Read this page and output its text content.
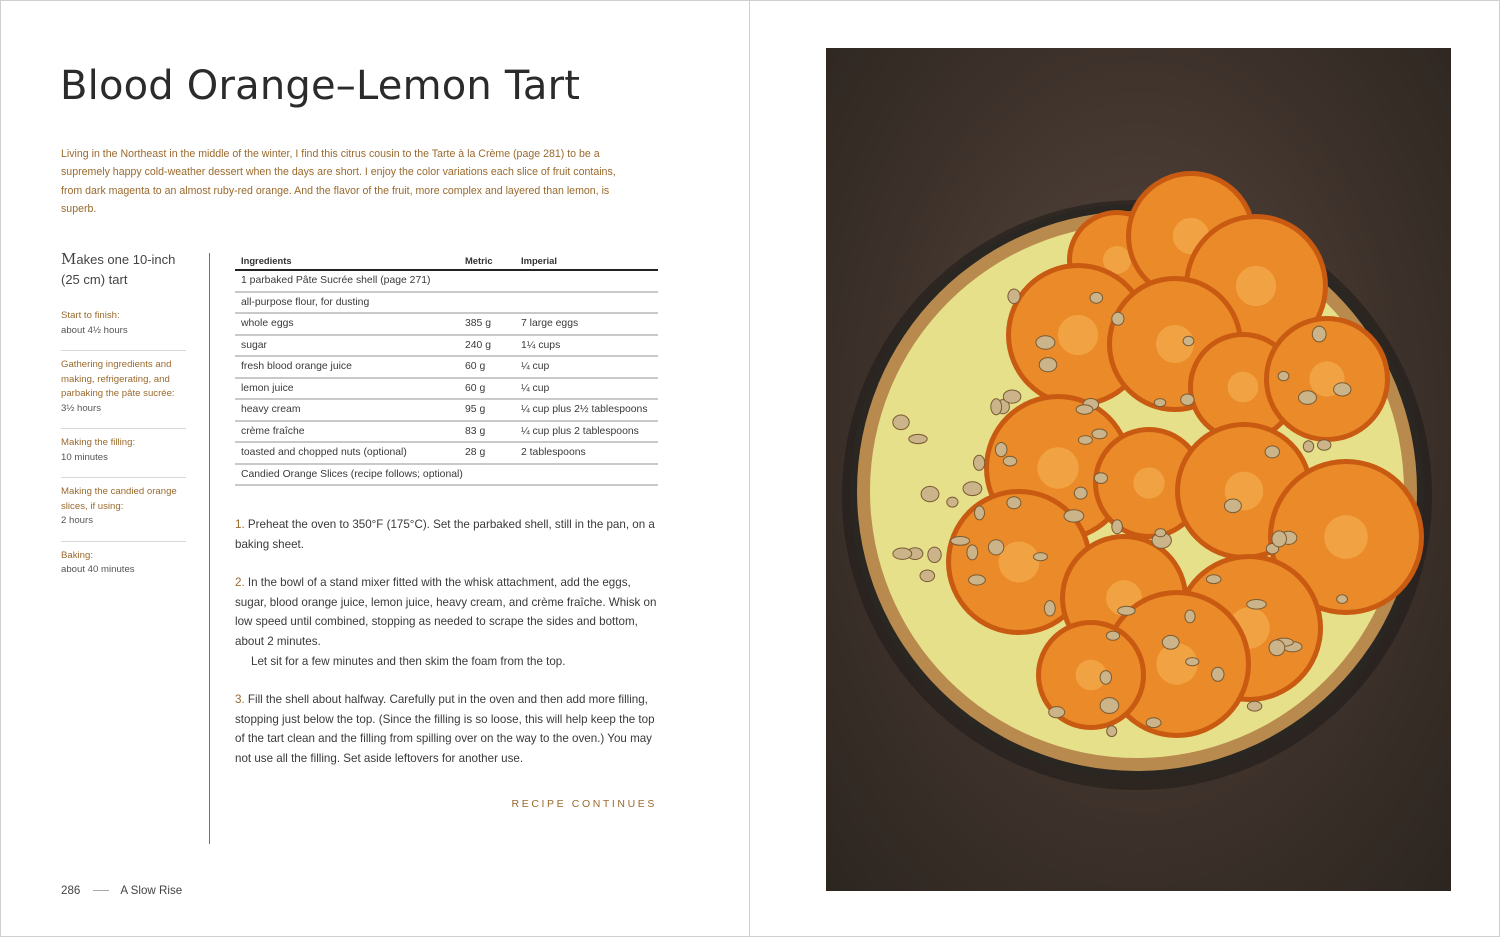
Blood Orange–Lemon Tart

Living in the Northeast in the middle of the winter, I find this citrus cousin to the Tarte à la Crème (page 281) to be a supremely happy cold-weather dessert when the days are short. I enjoy the color variations each slice of fruit contains, from dark magenta to an almost ruby-red orange. And the flavor of the fruit, more complex and layered than lemon, is superb.

Makes one 10-inch (25 cm) tart

Start to finish:
about 4½ hours
Gathering ingredients and making, refrigerating, and parbaking the pâte sucrée:
3½ hours
Making the filling:
10 minutes
Making the candied orange slices, if using:
2 hours
Baking:
about 40 minutes
Ingredients	Metric	Imperial
1 parbaked Pâte Sucrée shell (page 271)		
all-purpose flour, for dusting		
whole eggs	385 g	7 large eggs
sugar	240 g	1¼ cups
fresh blood orange juice	60 g	¼ cup
lemon juice	60 g	¼ cup
heavy cream	95 g	¼ cup plus 2½ tablespoons
crème fraîche	83 g	¼ cup plus 2 tablespoons
toasted and chopped nuts (optional)	28 g	2 tablespoons
Candied Orange Slices (recipe follows; optional)		

1. Preheat the oven to 350°F (175°C). Set the parbaked shell, still in the pan, on a baking sheet.

2. In the bowl of a stand mixer fitted with the whisk attachment, add the eggs, sugar, blood orange juice, lemon juice, heavy cream, and crème fraîche. Whisk on low speed until combined, stopping as needed to scrape the sides and bottom, about 2 minutes.
Let sit for a few minutes and then skim the foam from the top.

3. Fill the shell about halfway. Carefully put in the oven and then add more filling, stopping just below the top. (Since the filling is so loose, this will help keep the top of the tart clean and the filling from spilling over on the way to the oven.) You may not use all the filling. Set aside leftovers for another use.

RECIPE CONTINUES
286	A Slow Rise
